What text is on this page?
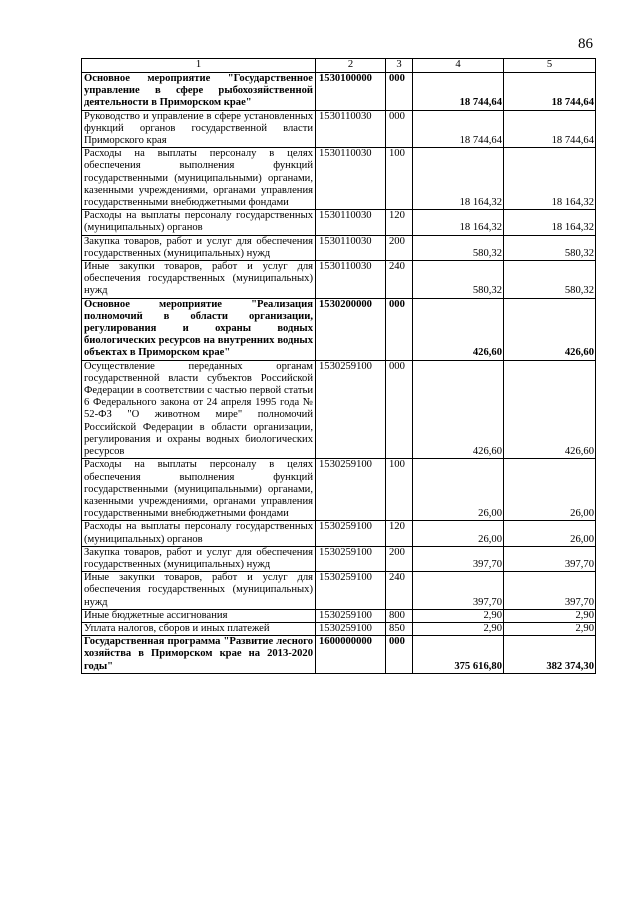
86
1	2	3	4	5
Основное мероприятие "Государственное управление в сфере рыбохозяйственной деятельности в Приморском крае"	1530100000	000	18 744,64	18 744,64
Руководство и управление в сфере установленных функций органов государственной власти Приморского края	1530110030	000	18 744,64	18 744,64
Расходы на выплаты персоналу в целях обеспечения выполнения функций государственными (муниципальными) органами, казенными учреждениями, органами управления государственными внебюджетными фондами	1530110030	100	18 164,32	18 164,32
Расходы на выплаты персоналу государственных (муниципальных) органов	1530110030	120	18 164,32	18 164,32
Закупка товаров, работ и услуг для обеспечения государственных (муниципальных) нужд	1530110030	200	580,32	580,32
Иные закупки товаров, работ и услуг для обеспечения государственных (муниципальных) нужд	1530110030	240	580,32	580,32
Основное мероприятие "Реализация полномочий в области организации, регулирования и охраны водных биологических ресурсов на внутренних водных объектах в Приморском крае"	1530200000	000	426,60	426,60
Осуществление переданных органам государственной власти субъектов Российской Федерации в соответствии с частью первой статьи 6 Федерального закона от 24 апреля 1995 года № 52-ФЗ "О животном мире" полномочий Российской Федерации в области организации, регулирования и охраны водных биологических ресурсов	1530259100	000	426,60	426,60
Расходы на выплаты персоналу в целях обеспечения выполнения функций государственными (муниципальными) органами, казенными учреждениями, органами управления государственными внебюджетными фондами	1530259100	100	26,00	26,00
Расходы на выплаты персоналу государственных (муниципальных) органов	1530259100	120	26,00	26,00
Закупка товаров, работ и услуг для обеспечения государственных (муниципальных) нужд	1530259100	200	397,70	397,70
Иные закупки товаров, работ и услуг для обеспечения государственных (муниципальных) нужд	1530259100	240	397,70	397,70
Иные бюджетные ассигнования	1530259100	800	2,90	2,90
Уплата налогов, сборов и иных платежей	1530259100	850	2,90	2,90
Государственная программа "Развитие лесного хозяйства в Приморском крае на 2013-2020 годы"	1600000000	000	375 616,80	382 374,30
